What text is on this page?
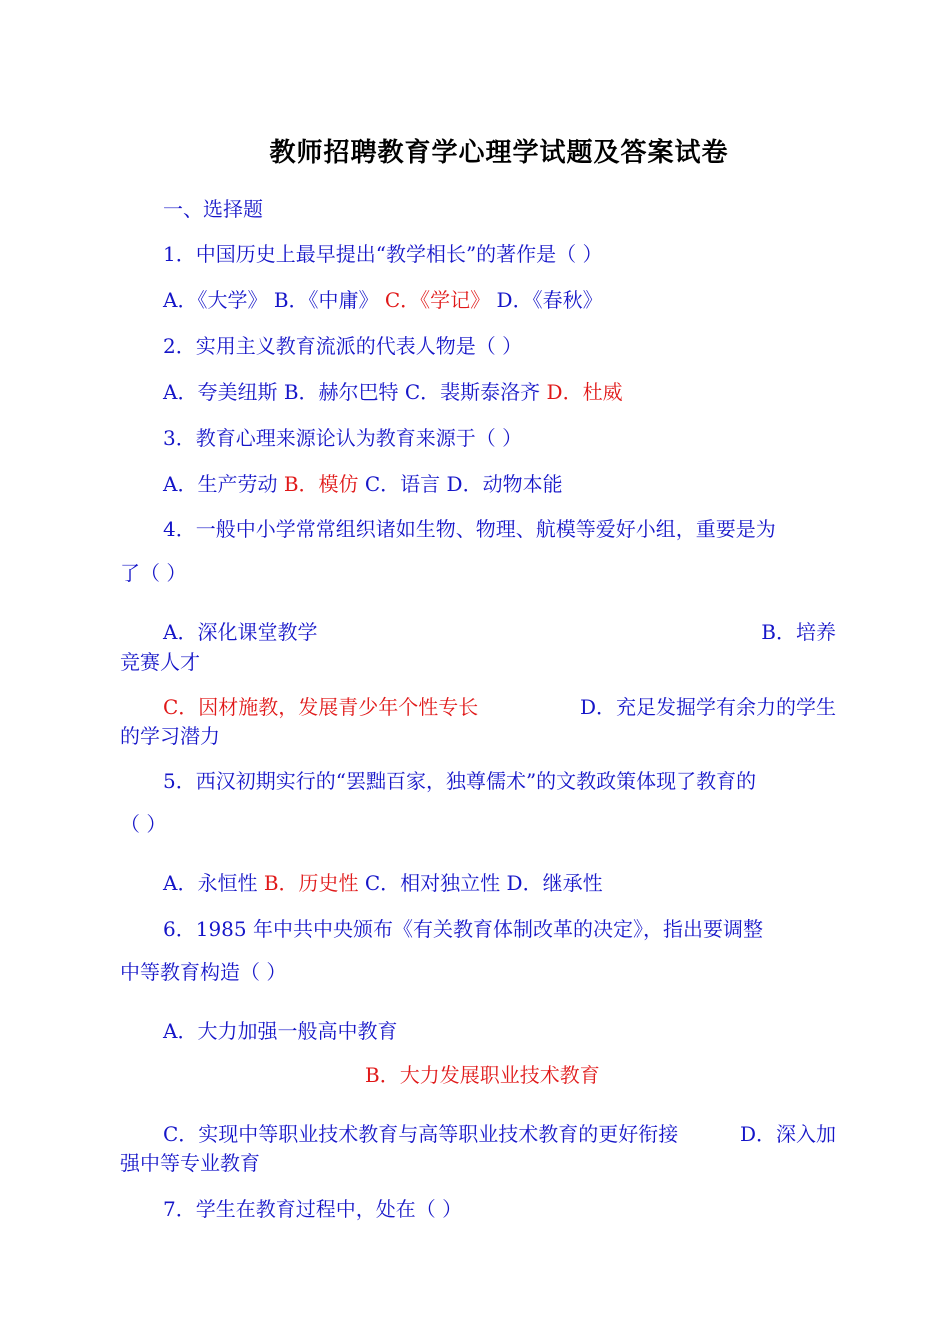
教师招聘教育学心理学试题及答案试卷
一、选择题
1．中国历史上最早提出“教学相长”的著作是（ ）
A．《大学》 B．《中庸》 C．《学记》 D．《春秋》
2．实用主义教育流派的代表人物是（ ）
A．夸美纽斯 B．赫尔巴特 C．裴斯泰洛齐 D．杜威
3．教育心理来源论认为教育来源于（ ）
A．生产劳动 B．模仿 C．语言 D．动物本能
4．一般中小学常常组织诸如生物、物理、航模等爱好小组，重要是为
了（ ）
A．深化课堂教学	B．培养
竞赛人才
C．因材施教，发展青少年个性专长	D．充足发掘学有余力的学生
的学习潜力
5．西汉初期实行的“罢黜百家，独尊儒术”的文教政策体现了教育的
（ ）
A．永恒性 B．历史性 C．相对独立性 D．继承性
6．1985 年中共中央颁布《有关教育体制改革的决定》，指出要调整
中等教育构造（ ）
A．大力加强一般高中教育
B．大力发展职业技术教育
C．实现中等职业技术教育与高等职业技术教育的更好衔接	D．深入加
强中等专业教育
7．学生在教育过程中，处在（ ）
